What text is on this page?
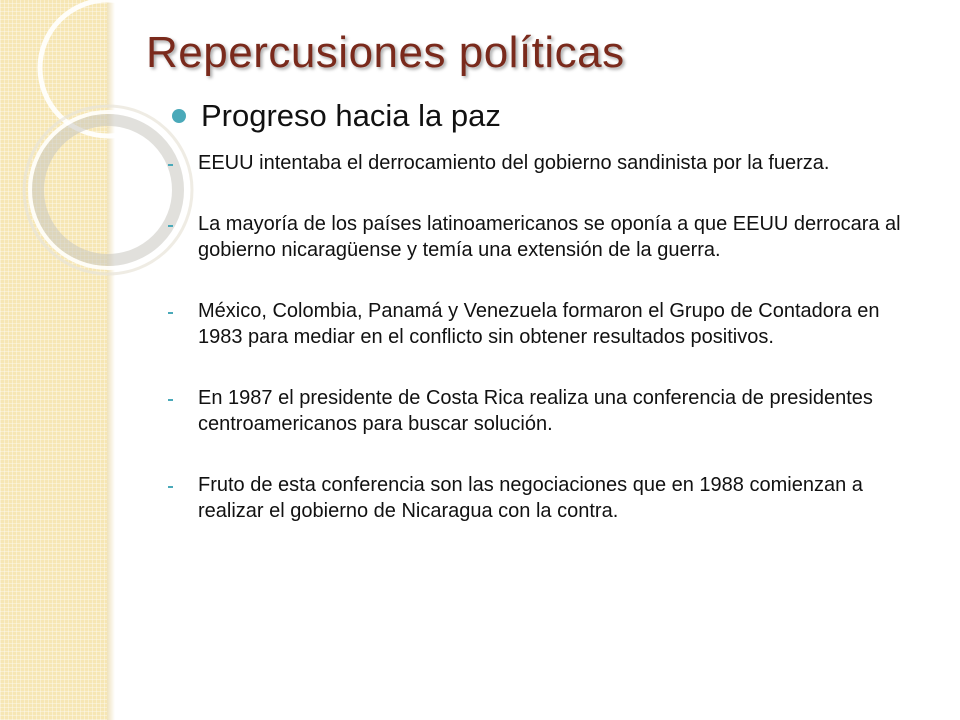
Repercusiones políticas
Progreso hacia la paz
EEUU intentaba el derrocamiento del gobierno sandinista por la fuerza.
La mayoría de los países latinoamericanos se oponía a que EEUU derrocara al gobierno nicaragüense y temía una extensión de la guerra.
México, Colombia, Panamá y Venezuela formaron el Grupo de Contadora en 1983 para mediar en el conflicto sin obtener resultados positivos.
En 1987 el presidente de Costa Rica realiza una conferencia de presidentes centroamericanos para buscar solución.
Fruto de esta conferencia son las negociaciones que en 1988 comienzan a realizar el gobierno de Nicaragua con la contra.
